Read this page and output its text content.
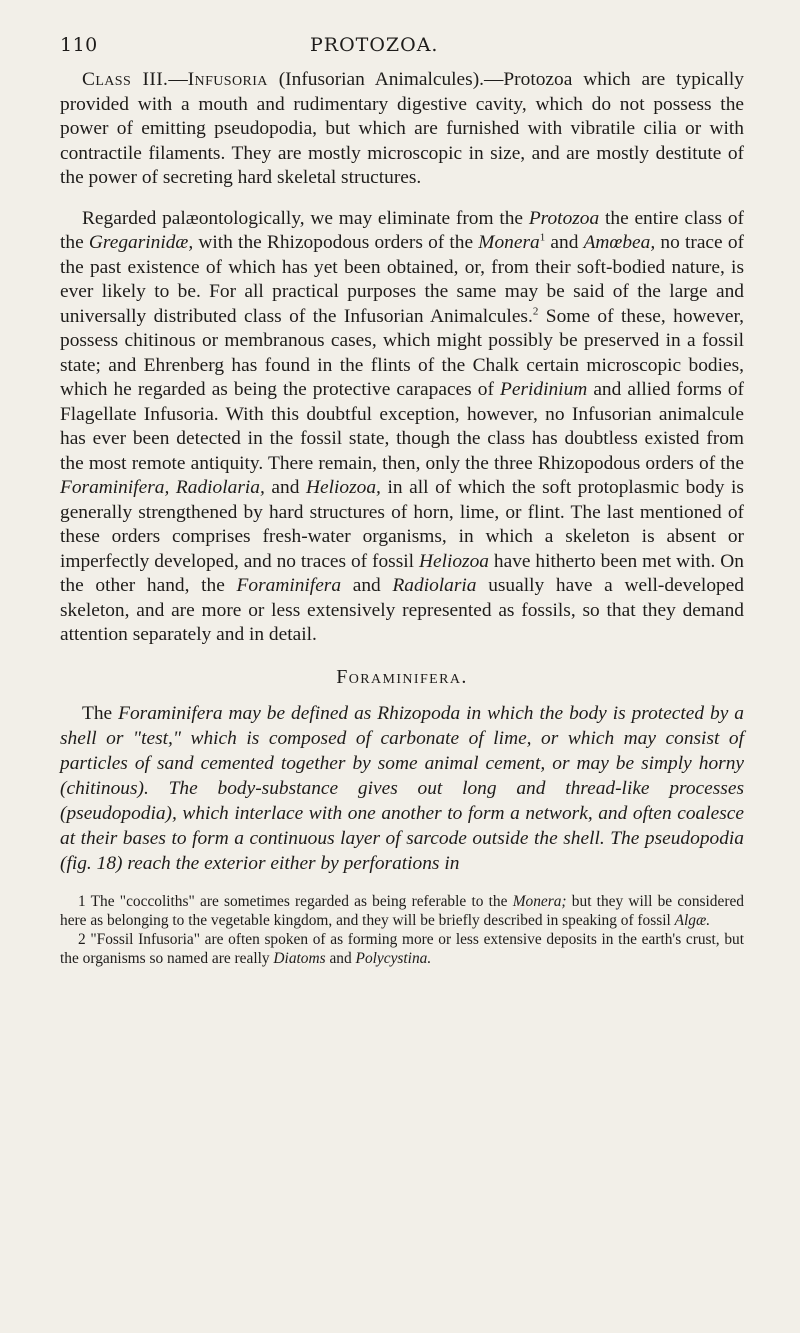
110	PROTOZOA.

Class III.—Infusoria (Infusorian Animalcules).—Protozoa which are typically provided with a mouth and rudimentary digestive cavity, which do not possess the power of emitting pseudopodia, but which are furnished with vibratile cilia or with contractile filaments. They are mostly microscopic in size, and are mostly destitute of the power of secreting hard skeletal structures.

Regarded palæontologically, we may eliminate from the Protozoa the entire class of the Gregarinidæ, with the Rhizopodous orders of the Monera$^1$ and Amœbea, no trace of the past existence of which has yet been obtained, or, from their soft-bodied nature, is ever likely to be. For all practical purposes the same may be said of the large and universally distributed class of the Infusorian Animalcules.$^2$ Some of these, however, possess chitinous or membranous cases, which might possibly be preserved in a fossil state; and Ehrenberg has found in the flints of the Chalk certain microscopic bodies, which he regarded as being the protective carapaces of Peridinium and allied forms of Flagellate Infusoria. With this doubtful exception, however, no Infusorian animalcule has ever been detected in the fossil state, though the class has doubtless existed from the most remote antiquity. There remain, then, only the three Rhizopodous orders of the Foraminifera, Radiolaria, and Heliozoa, in all of which the soft protoplasmic body is generally strengthened by hard structures of horn, lime, or flint. The last mentioned of these orders comprises fresh-water organisms, in which a skeleton is absent or imperfectly developed, and no traces of fossil Heliozoa have hitherto been met with. On the other hand, the Foraminifera and Radiolaria usually have a well-developed skeleton, and are more or less extensively represented as fossils, so that they demand attention separately and in detail.

Foraminifera.

The Foraminifera may be defined as Rhizopoda in which the body is protected by a shell or "test," which is composed of carbonate of lime, or which may consist of particles of sand cemented together by some animal cement, or may be simply horny (chitinous). The body-substance gives out long and thread-like processes (pseudopodia), which interlace with one another to form a network, and often coalesce at their bases to form a continuous layer of sarcode outside the shell. The pseudopodia (fig. 18) reach the exterior either by perforations in

1 The "coccoliths" are sometimes regarded as being referable to the Monera; but they will be considered here as belonging to the vegetable kingdom, and they will be briefly described in speaking of fossil Algæ.

2 "Fossil Infusoria" are often spoken of as forming more or less extensive deposits in the earth's crust, but the organisms so named are really Diatoms and Polycystina.
